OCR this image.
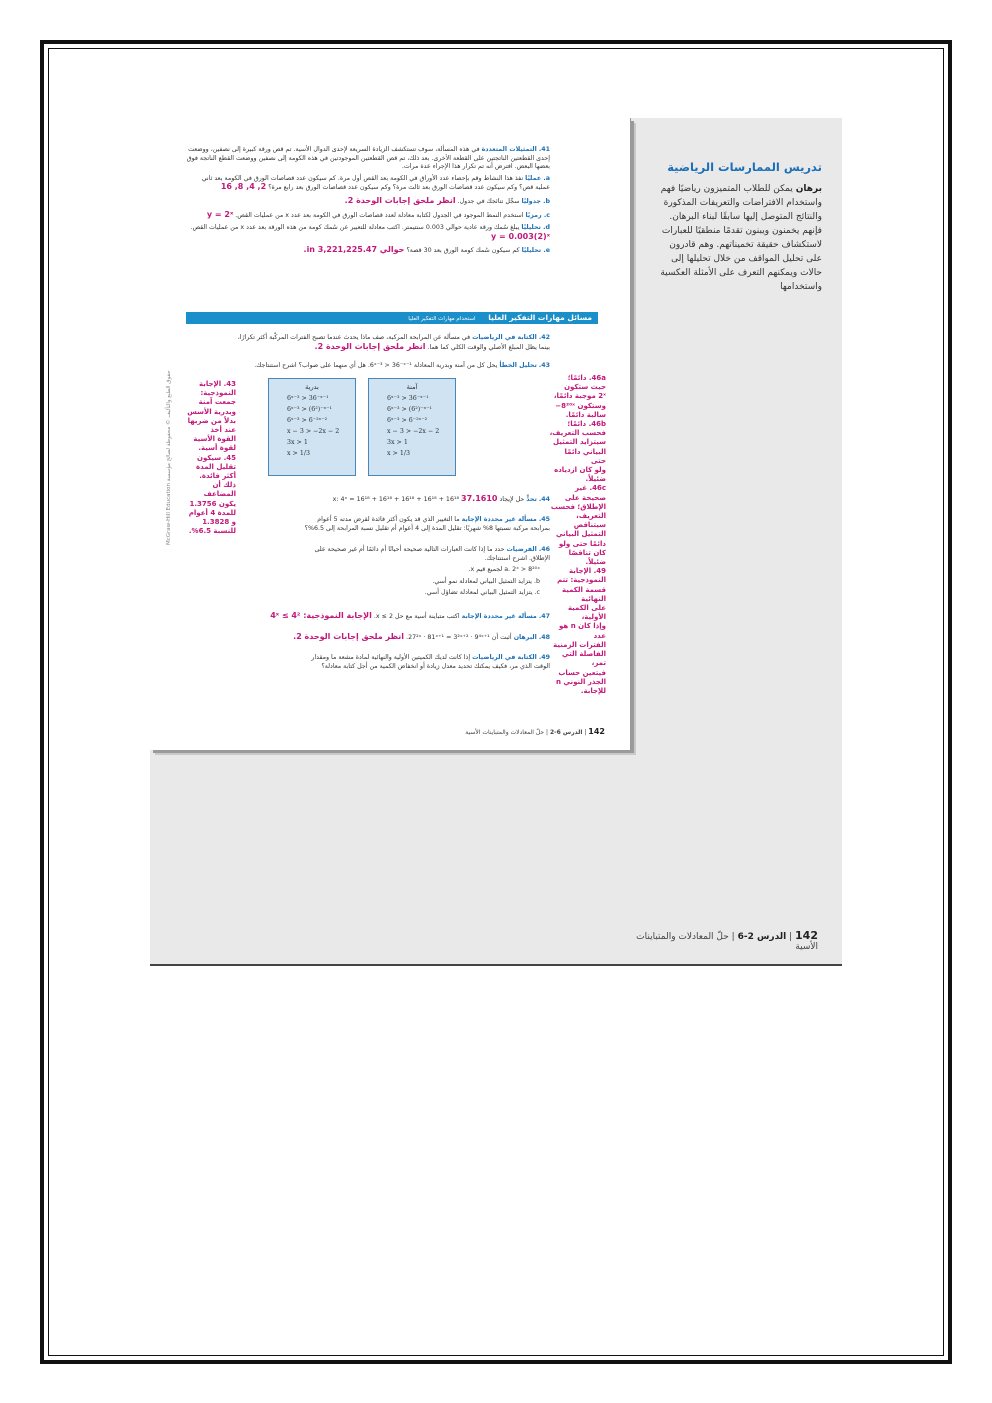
تدريس الممارسات الرياضية

برهان يمكن للطلاب المتميزون رياضيًا فهم واستخدام الافتراضات والتعريفات المذكورة والنتائج المتوصل إليها سابقًا لبناء البرهان. فإنهم يخمنون ويبنون تقدمًا منطقيًا للعبارات لاستكشاف حقيقة تخميناتهم. وهم قادرون على تحليل المواقف من خلال تحليلها إلى حالات ويمكنهم التعرف على الأمثلة العكسية واستخدامها

41. التمثيلات المتعددة في هذه المسألة، سوف تستكشف الزيادة السريعة لإحدى الدوال الأسية. تم قص ورقة كبيرة إلى نصفين، ووضعت إحدى القطعتين الناتجتين على القطعة الأخرى. بعد ذلك، تم قص القطعتين الموجودتين في هذه الكومة إلى نصفين ووضعت القطع الناتجة فوق بعضها البعض. افترض أنه تم تكرار هذا الإجراء عدة مرات.
a. عمليًا نفذ هذا النشاط وقم بإحصاء عدد الأوراق في الكومة بعد القص أول مرة. كم سيكون عدد قصاصات الورق في الكومة بعد ثاني عملية قص؟ وكم سيكون عدد قصاصات الورق بعد ثالث مرة؟ وكم سيكون عدد قصاصات الورق بعد رابع مرة؟ 2, 4, 8, 16
b. جدوليًا سجّل نتائجك في جدول. انظر ملحق إجابات الوحدة 2.
c. رمزيًا استخدم النمط الموجود في الجدول لكتابة معادلة لعدد قصاصات الورق في الكومة بعد عدد x من عمليات القص. y = 2ˣ
d. تحليليًا يبلغ سُمك ورقة عادية حوالي 0.003 سنتيمتر. اكتب معادلة للتعبير عن سُمك كومة من هذه الورقة بعد عدد x من عمليات القص. y = 0.003(2)ˣ
e. تحليليًا كم سيكون سُمك كومة الورق بعد 30 قصة؟ حوالي 3,221,225.47 in.
مسائل مهارات التفكير العليا استخدام مهارات التفكير العليا
42. الكتابة في الرياضيات في مسألة عن المرابحة المركبة، صف ماذا يحدث عندما تصبح الفترات المركّبة أكثر تكرارًا، بينما يظل المبلغ الأصلي والوقت الكلي كما هما. انظر ملحق إجابات الوحدة 2.
43. تحليل الخطأ يحل كل من آمنة وبدرية المعادلة 6ˣ⁻³ > 36⁻ˣ⁻¹. هل أي منهما على صواب؟ اشرح استنتاجك.
آمنة
6ˣ⁻³ > 36⁻ˣ⁻¹
6ˣ⁻³ > (6²)⁻ˣ⁻¹
6ˣ⁻³ > 6⁻²ˣ⁻²
x − 3 > −2x − 2
3x > 1
x > 1/3
بدرية
6ˣ⁻³ > 36⁻ˣ⁻¹
6ˣ⁻³ > (6²)⁻ˣ⁻¹
6ˣ⁻³ > 6⁻²ˣ⁻²
x − 3 > −2x − 2
3x > 1
x > 1/3
44. تحدٍّ حل لإيجاد x: 4ˣ = 16¹⁸ + 16¹⁸ + 16¹⁸ + 16¹⁸ + 16¹⁸ 37.1610
45. مسألة غير محددة الإجابة ما التغيير الذي قد يكون أكثر فائدة لقرض مدته 5 أعوام بمرابحة مركبة نسبتها 8% شهريًا: تقليل المدة إلى 4 أعوام أم تقليل نسبة المرابحة إلى 6.5%؟
46. الفرضيات حدد ما إذا كانت العبارات التالية صحيحة أحيانًا أم دائمًا أم غير صحيحة على الإطلاق. اشرح استنتاجك.
a. 2ˣ > 8²⁰ˣ لجميع قيم x.
b. يتزايد التمثيل البياني لمعادلة نمو أسي.
c. يتزايد التمثيل البياني لمعادلة تضاؤل أسي.
47. مسألة غير محددة الإجابة اكتب متباينة أسية مع حل 2 ≥ x. الإجابة النموذجية: 4ˣ ≤ 4²
48. البرهان أثبت أن 27²ˣ · 81ˣ⁺¹ = 3²ˣ⁺² · 9⁴ˣ⁺¹. انظر ملحق إجابات الوحدة 2.
49. الكتابة في الرياضيات إذا كانت لديك الكميتين الأولية والنهائية لمادة مشعة ما ومقدار الوقت الذي مر، فكيف يمكنك تحديد معدل زيادة أو انخفاض الكمية من أجل كتابة معادلة؟
46a. دائمًا؛
حيث ستكون
2ˣ موجبة دائمًا،
وستكون 8²⁰ˣ−
سالبة دائمًا.
46b. دائمًا؛
فحسب التعريف،
سيتزايد التمثيل
البياني دائمًا حتى
ولو كان ازدياده
ضئيلاً.
46c. غير
صحيحة على
الإطلاق؛ فحسب
التعريف، سيتناقص
التمثيل البياني
دائمًا حتى ولو
كان تناقصًا ضئيلاً.
49. الإجابة
النموذجية: تتم
قسمة الكمية النهائية
على الكمية الأولية،
وإذا كان n هو عدد
الفترات الزمنية
الفاصلة التي تمر،
فيتعين حساب
الجذر النوني n
للإجابة.
43. الإجابة
النموذجية:
جمعت آمنة
وبدرية الأسس
بدلاً من ضربها
عند أخذ
القوة الأسية
لقوة أسية.
45. سيكون
تقليل المدة
أكثر فائدة.
ذلك أن
المضاعف
يكون 1.3756
للمدة 4 أعوام
و 1.3828
للنسبة 6.5%.
McGraw-Hill Education حقوق الطبع والتأليف © محفوظة لصالح مؤسسة
142 | الدرس 6-2 | حلّ المعادلات والمتباينات الأسية
142 | الدرس 2-6 | حلّ المعادلات والمتباينات الأسية
